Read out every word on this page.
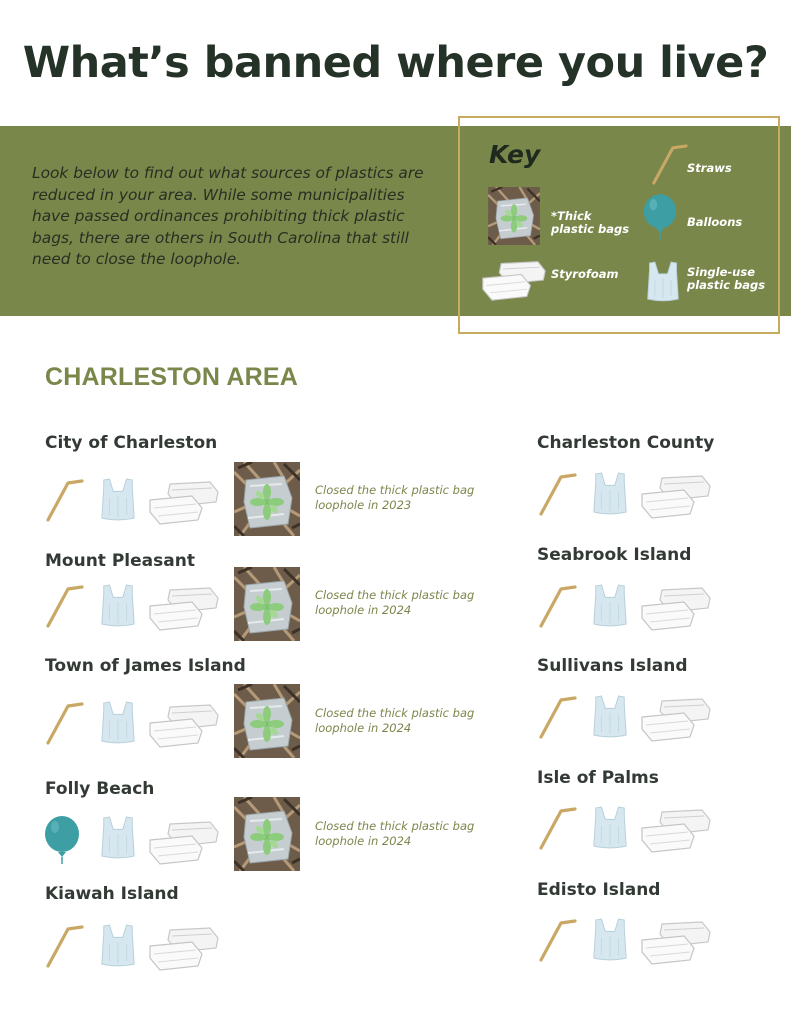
What’s banned where you live?

Look below to find out what sources of plastics are reduced in your area. While some municipalities have passed ordinances prohibiting thick plastic bags, there are others in South Carolina that still need to close the loophole.

Key	Straws
*Thick plastic bags	Balloons
Styrofoam	Single-use plastic bags
CHARLESTON AREA
City of Charleston
Closed the thick plastic bag loophole in 2023
Mount Pleasant
Closed the thick plastic bag loophole in 2024
Town of James Island
Closed the thick plastic bag loophole in 2024
Folly Beach
Closed the thick plastic bag loophole in 2024
Kiawah Island
Charleston County
Seabrook Island
Sullivans Island
Isle of Palms
Edisto Island
